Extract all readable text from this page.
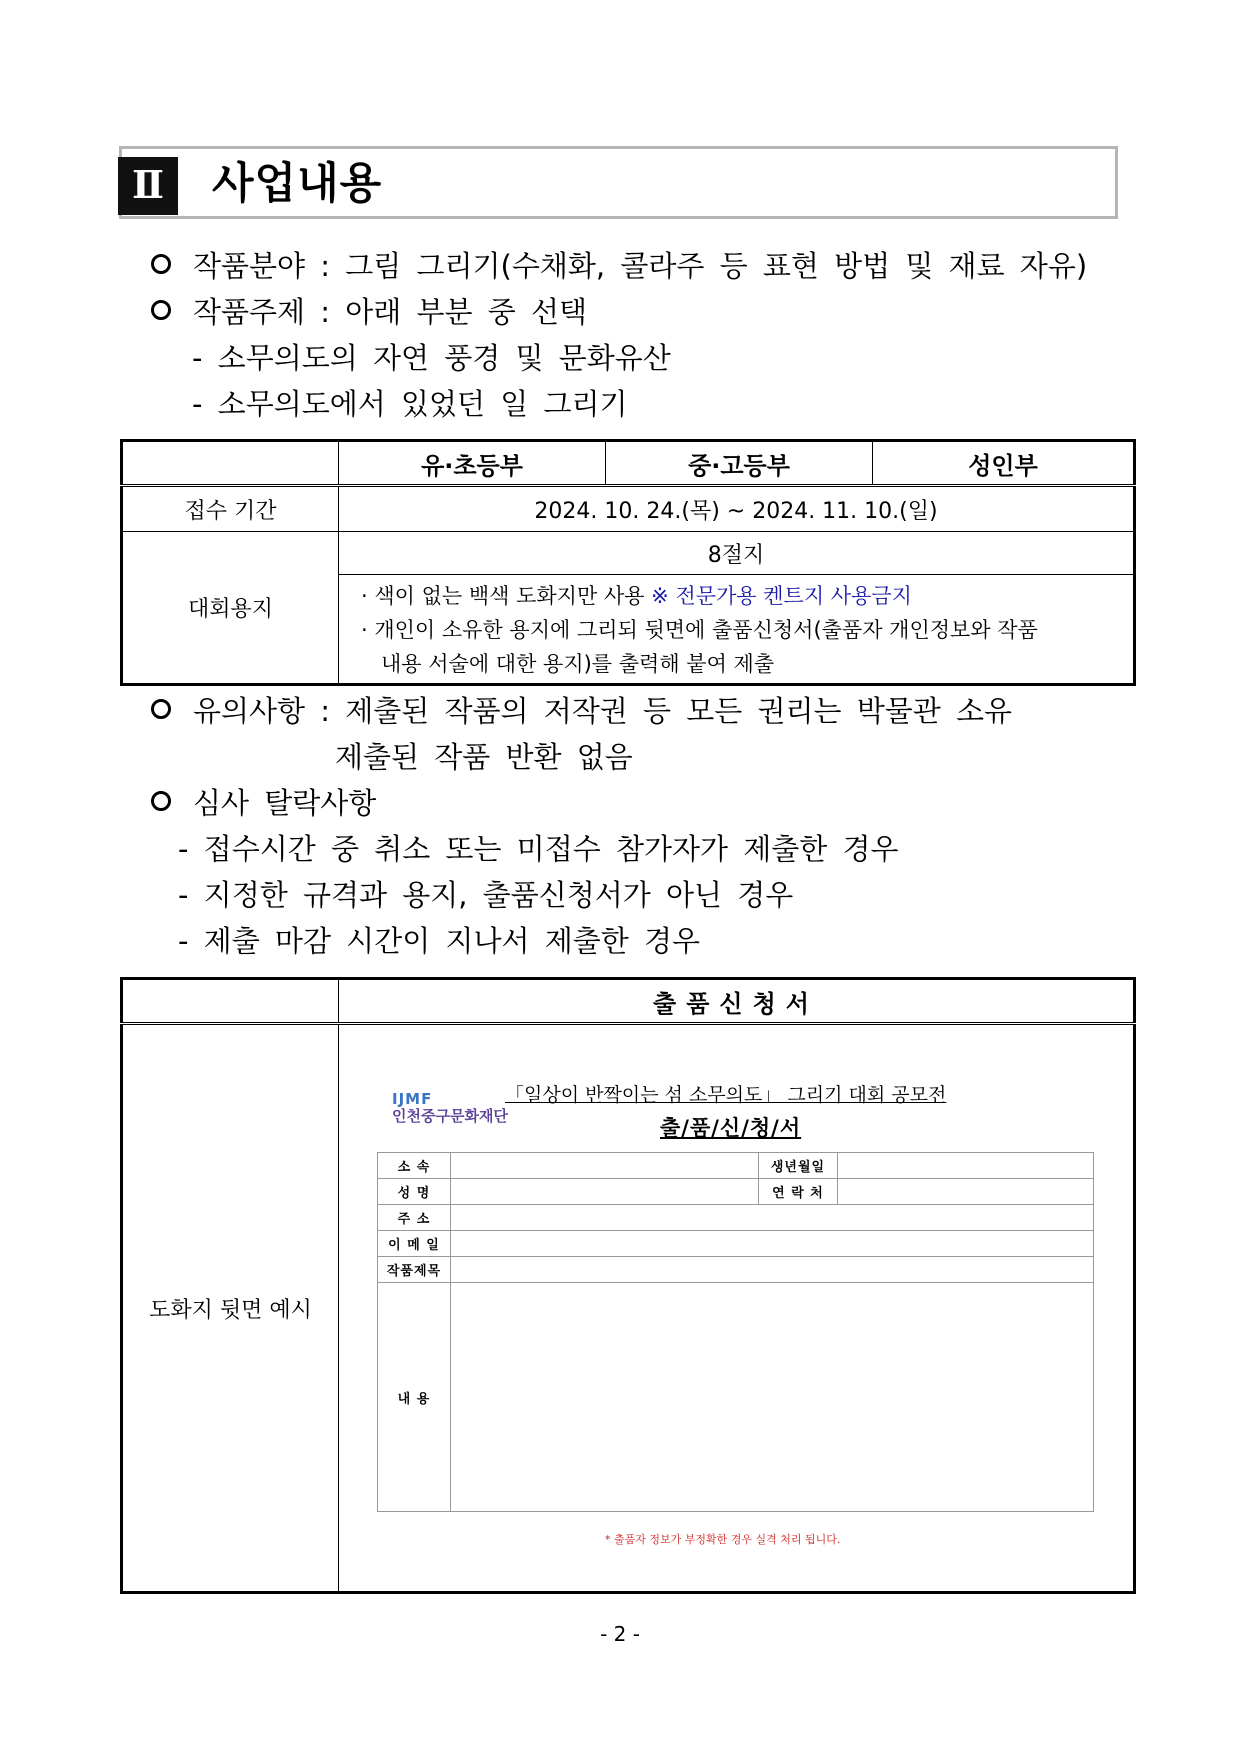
Ⅱ	사업내용
작품분야 : 그림 그리기(수채화, 콜라주 등 표현 방법 및 재료 자유)
작품주제 : 아래 부분 중 선택
- 소무의도의 자연 풍경 및 문화유산
- 소무의도에서 있었던 일 그리기
	유·초등부	중·고등부	성인부
접수 기간	2024. 10. 24.(목) ~ 2024. 11. 10.(일)		
대회용지	8절지		

	· 색이 없는 백색 도화지만 사용 ※ 전문가용 켄트지 사용금지
· 개인이 소유한 용지에 그리되 뒷면에 출품신청서(출품자 개인정보와 작품
내용 서술에 대한 용지)를 출력해 붙여 제출		
유의사항 : 제출된 작품의 저작권 등 모든 권리는 박물관 소유
제출된 작품 반환 없음
심사 탈락사항
- 접수시간 중 취소 또는 미접수 참가자가 제출한 경우
- 지정한 규격과 용지, 출품신청서가 아닌 경우
- 제출 마감 시간이 지나서 제출한 경우
	출품신청서
도화지 뒷면 예시	
IJMF
인천중구문화재단
「일상이 반짝이는 섬 소무의도」 그리기 대회 공모전
출/품/신/청/서
소 속		생년월일	
성 명		연 락 처	
주 소			
이 메 일			
작품제목			
내 용			
* 출품자 정보가 부정확한 경우 실격 처리 됩니다.
- 2 -
